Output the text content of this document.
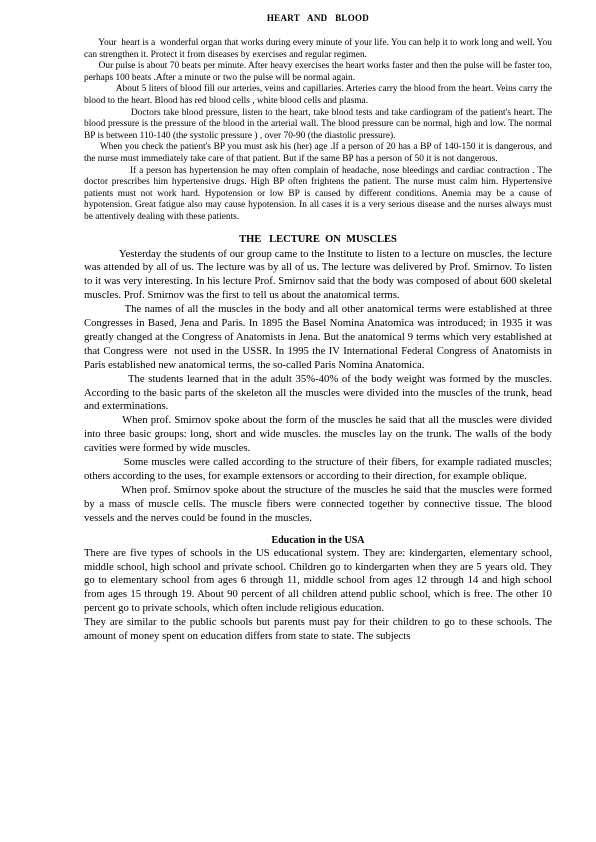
HEART   AND   BLOOD

Your  heart is a  wonderful organ that works during every minute of your life. You can help it to work long and well. You can strengthen it. Protect it from diseases by exercises and regular regimen.

Our pulse is about 70 beats per minute. After heavy exercises the heart works faster and then the pulse will be faster too, perhaps 100 beats .After a minute or two the pulse will be normal again.

About 5 liters of blood fill our arteries, veins and capillaries. Arteries carry the blood from the heart. Veins carry the blood to the heart. Blood has red blood cells , white blood cells and plasma.

Doctors take blood pressure, listen to the heart, take blood tests and take cardiogram of the patient's heart. The blood pressure is the pressure of the blood in the arterial wall. The blood pressure can be normal, high and low. The normal BP is between 110-140 (the systolic pressure ) , over 70-90 (the diastolic pressure).

When you check the patient's BP you must ask his (her) age .If a person of 20 has a BP of 140-150 it is dangerous, and the nurse must immediately take care of that patient. But if the same BP has a person of 50 it is not dangerous.

If a person has hypertension he may often complain of headache, nose bleedings and cardiac contraction . The doctor prescribes him hypertensive drugs. High BP often frightens the patient. The nurse must calm him. Hypertensive patients must not work hard. Hypotension or low BP is caused by different conditions. Anemia may be a cause of hypotension. Great fatigue also may cause hypotension. In all cases it is a very serious disease and the nurses always must be attentively dealing with these patients.

THE   LECTURE  ON  MUSCLES

Yesterday the students of our group came to the Institute to listen to a lecture on muscles. the lecture was attended by all of us. The lecture was by all of us. The lecture was delivered by Prof. Smirnov. To listen to it was very interesting. In his lecture Prof. Smirnov said that the body was composed of about 600 skeletal muscles. Prof. Smirnov was the first to tell us about the anatomical terms.

The names of all the muscles in the body and all other anatomical terms were established at three Congresses in Based, Jena and Paris. In 1895 the Basel Nomina Anatomica was introduced; in 1935 it was greatly changed at the Congress of Anatomists in Jena. But the anatomical 9 terms which very established at that Congress were  not used in the USSR. In 1995 the IV International Federal Congress of Anatomists in Paris established new anatomical terms, the so-called Paris Nomina Anatomica.

The students learned that in the adult 35%-40% of the body weight was formed by the muscles. According to the basic parts of the skeleton all the muscles were divided into the muscles of the trunk, head and exterminations.

When prof. Smirnov spoke about the form of the muscles he said that all the muscles were divided into three basic groups: long, short and wide muscles. the muscles lay on the trunk. The walls of the body cavities were formed by wide muscles.

Some muscles were called according to the structure of their fibers, for example radiated muscles; others according to the uses, for example extensors or according to their direction, for example oblique.

When prof. Smirnov spoke about the structure of the muscles he said that the muscles were formed by a mass of muscle cells. The muscle fibers were connected together by connective tissue. The blood vessels and the nerves could be found in the muscles.

Education in the USA

There are five types of schools in the US educational system. They are: kindergarten, elementary school, middle school, high school and private school. Children go to kindergarten when they are 5 years old. They go to elementary school from ages 6 through 11, middle school from ages 12 through 14 and high school from ages 15 through 19. About 90 percent of all children attend public school, which is free. The other 10 percent go to private schools, which often include religious education.

They are similar to the public schools but parents must pay for their children to go to these schools. The amount of money spent on education differs from state to state. The subjects
